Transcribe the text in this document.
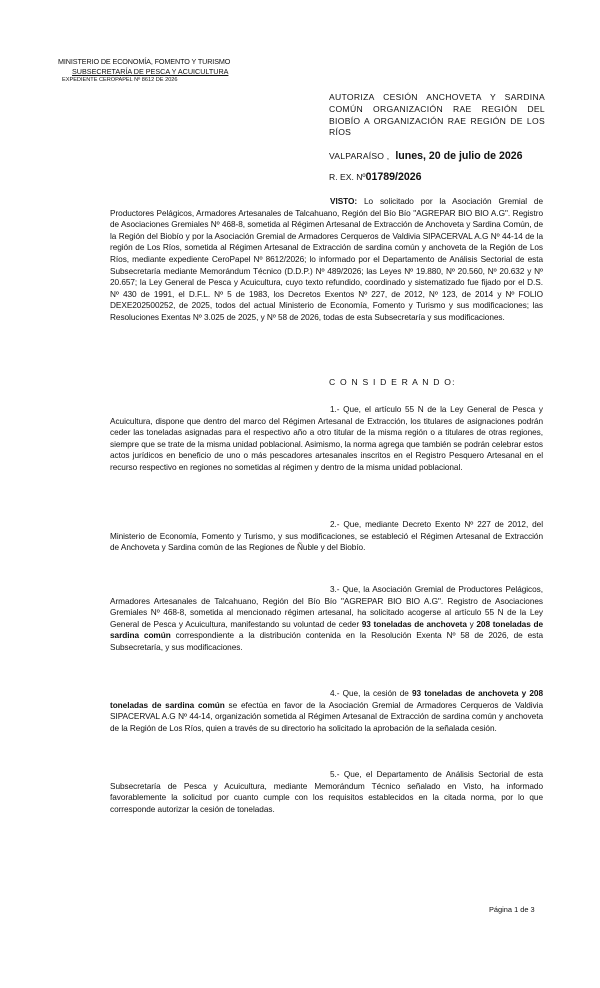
MINISTERIO DE ECONOMÍA, FOMENTO Y TURISMO
SUBSECRETARÍA DE PESCA Y ACUICULTURA
EXPEDIENTE CEROPAPEL Nº 8612 DE 2026
AUTORIZA CESIÓN ANCHOVETA Y SARDINA COMÚN ORGANIZACIÓN RAE REGIÓN DEL BIOBÍO A ORGANIZACIÓN RAE REGIÓN DE LOS RÍOS
VALPARAÍSO , lunes, 20 de julio de 2026
R. EX. Nº01789/2026

VISTO: Lo solicitado por la Asociación Gremial de Productores Pelágicos, Armadores Artesanales de Talcahuano, Región del Bío Bío "AGREPAR BIO BIO A.G". Registro de Asociaciones Gremiales Nº 468-8, sometida al Régimen Artesanal de Extracción de Anchoveta y Sardina Común, de la Región del Biobío y por la Asociación Gremial de Armadores Cerqueros de Valdivia SIPACERVAL A.G Nº 44-14 de la región de Los Ríos, sometida al Régimen Artesanal de Extracción de sardina común y anchoveta de la Región de Los Ríos, mediante expediente CeroPapel Nº 8612/2026; lo informado por el Departamento de Análisis Sectorial de esta Subsecretaría mediante Memorándum Técnico (D.D.P.) Nº 489/2026; las Leyes Nº 19.880, Nº 20.560, Nº 20.632 y Nº 20.657; la Ley General de Pesca y Acuicultura, cuyo texto refundido, coordinado y sistematizado fue fijado por el D.S. Nº 430 de 1991, el D.F.L. Nº 5 de 1983, los Decretos Exentos Nº 227, de 2012, Nº 123, de 2014 y Nº FOLIO DEXE202500252, de 2025, todos del actual Ministerio de Economía, Fomento y Turismo y sus modificaciones; las Resoluciones Exentas Nº 3.025 de 2025, y Nº 58 de 2026, todas de esta Subsecretaría y sus modificaciones.

C O N S I D E R A N D O:

1.- Que, el artículo 55 N de la Ley General de Pesca y Acuicultura, dispone que dentro del marco del Régimen Artesanal de Extracción, los titulares de asignaciones podrán ceder las toneladas asignadas para el respectivo año a otro titular de la misma región o a titulares de otras regiones, siempre que se trate de la misma unidad poblacional. Asimismo, la norma agrega que también se podrán celebrar estos actos jurídicos en beneficio de uno o más pescadores artesanales inscritos en el Registro Pesquero Artesanal en el recurso respectivo en regiones no sometidas al régimen y dentro de la misma unidad poblacional.

2.- Que, mediante Decreto Exento Nº 227 de 2012, del Ministerio de Economía, Fomento y Turismo, y sus modificaciones, se estableció el Régimen Artesanal de Extracción de Anchoveta y Sardina común de las Regiones de Ñuble y del Biobío.

3.- Que, la Asociación Gremial de Productores Pelágicos, Armadores Artesanales de Talcahuano, Región del Bío Bío "AGREPAR BIO BIO A.G". Registro de Asociaciones Gremiales Nº 468-8, sometida al mencionado régimen artesanal, ha solicitado acogerse al artículo 55 N de la Ley General de Pesca y Acuicultura, manifestando su voluntad de ceder 93 toneladas de anchoveta y 208 toneladas de sardina común correspondiente a la distribución contenida en la Resolución Exenta Nº 58 de 2026, de esta Subsecretaría, y sus modificaciones.

4.- Que, la cesión de 93 toneladas de anchoveta y 208 toneladas de sardina común se efectúa en favor de la Asociación Gremial de Armadores Cerqueros de Valdivia SIPACERVAL A.G Nº 44-14, organización sometida al Régimen Artesanal de Extracción de sardina común y anchoveta de la Región de Los Ríos, quien a través de su directorio ha solicitado la aprobación de la señalada cesión.

5.- Que, el Departamento de Análisis Sectorial de esta Subsecretaría de Pesca y Acuicultura, mediante Memorándum Técnico señalado en Visto, ha informado favorablemente la solicitud por cuanto cumple con los requisitos establecidos en la citada norma, por lo que corresponde autorizar la cesión de toneladas.

Página 1 de 3
